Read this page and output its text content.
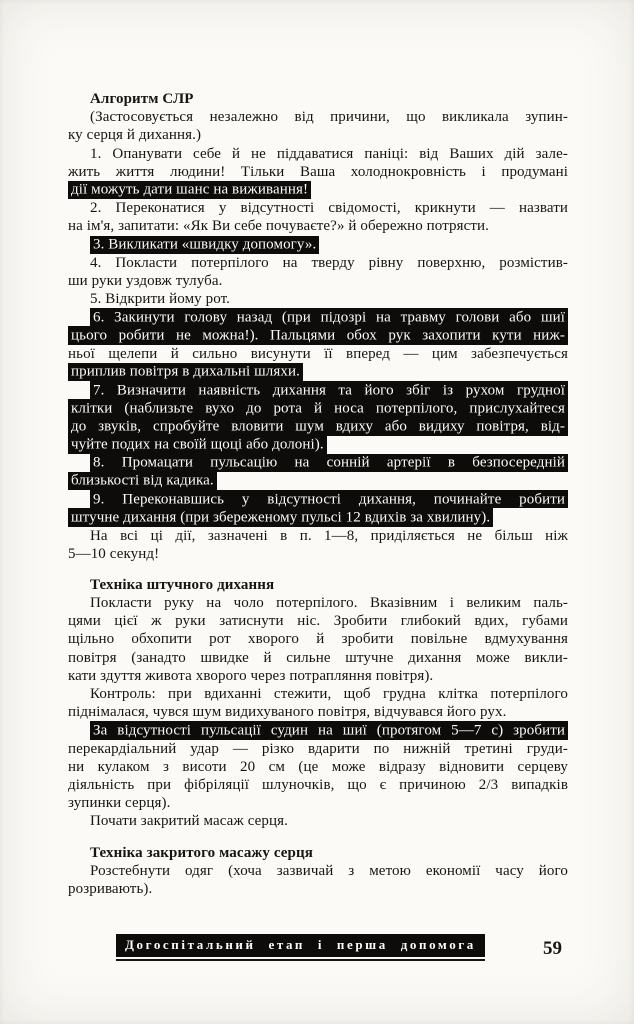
Алгоритм СЛР
(Застосовується незалежно від причини, що викликала зупин-
ку серця й дихання.)
1. Опанувати себе й не піддаватися паніці: від Ваших дій зале-
жить життя людини! Тільки Ваша холоднокровність і продумані
дії можуть дати шанс на виживання!
2. Переконатися у відсутності свідомості, крикнути — назвати
на ім'я, запитати: «Як Ви себе почуваєте?» й обережно потрясти.
3. Викликати «швидку допомогу».
4. Покласти потерпілого на тверду рівну поверхню, розмістив-
ши руки уздовж тулуба.
5. Відкрити йому рот.
6. Закинути голову назад (при підозрі на травму голови або шиї
цього робити не можна!). Пальцями обох рук захопити кути ниж-
ньої щелепи й сильно висунути її вперед — цим забезпечується
приплив повітря в дихальні шляхи.
7. Визначити наявність дихання та його збіг із рухом грудної
клітки (наблизьте вухо до рота й носа потерпілого, прислухайтеся
до звуків, спробуйте вловити шум вдиху або видиху повітря, від-
чуйте подих на своїй щоці або долоні).
8. Промацати пульсацію на сонній артерії в безпосередній
близькості від кадика.
9. Переконавшись у відсутності дихання, починайте робити
штучне дихання (при збереженому пульсі 12 вдихів за хвилину).
На всі ці дії, зазначені в п. 1—8, приділяється не більш ніж
5—10 секунд!
Техніка штучного дихання
Покласти руку на чоло потерпілого. Вказівним і великим паль-
цями цієї ж руки затиснути ніс. Зробити глибокий вдих, губами
щільно обхопити рот хворого й зробити повільне вдмухування
повітря (занадто швидке й сильне штучне дихання може викли-
кати здуття живота хворого через потрапляння повітря).
Контроль: при вдиханні стежити, щоб грудна клітка потерпілого
піднімалася, чувся шум видихуваного повітря, відчувався його рух.
За відсутності пульсації судин на шиї (протягом 5—7 с) зробити
перекардіальний удар — різко вдарити по нижній третині груди-
ни кулаком з висоти 20 см (це може відразу відновити серцеву
діяльність при фібріляції шлуночків, що є причиною 2/3 випадків
зупинки серця).
Почати закритий масаж серця.
Техніка закритого масажу серця
Розстебнути одяг (хоча зазвичай з метою економії часу його
розривають).
Догоспітальний етап і перша допомога	59
